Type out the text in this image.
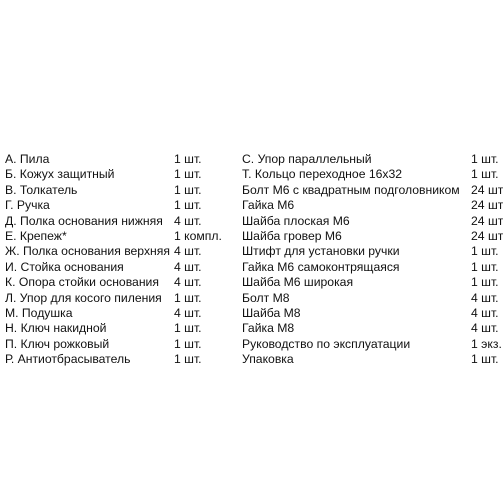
А. Пила	1 шт.
Б. Кожух защитный	1 шт.
В. Толкатель	1 шт.
Г. Ручка	1 шт.
Д. Полка основания нижняя 4 шт.
Е. Крепеж*	1 компл.
Ж. Полка основания верхняя 4 шт.
И. Стойка основания	4 шт.
К. Опора стойки основания 4 шт.
Л. Упор для косого пиления 1 шт.
М. Подушка	4 шт.
Н. Ключ накидной	1 шт.
П. Ключ рожковый	1 шт.
Р. Антиотбрасыватель	1 шт.
С. Упор параллельный	1 шт.
Т. Кольцо переходное 16х32	1 шт.
Болт М6 с квадратным подголовником 24 шт
Гайка М6	24 шт
Шайба плоская М6	24 шт
Шайба гровер М6	24 шт
Штифт для установки ручки	1 шт.
Гайка М6 самоконтрящаяся	1 шт.
Шайба М6 широкая	1 шт.
Болт М8	4 шт.
Шайба М8	4 шт.
Гайка М8	4 шт.
Руководство по эксплуатации	1 экз.
Упаковка	1 шт.
